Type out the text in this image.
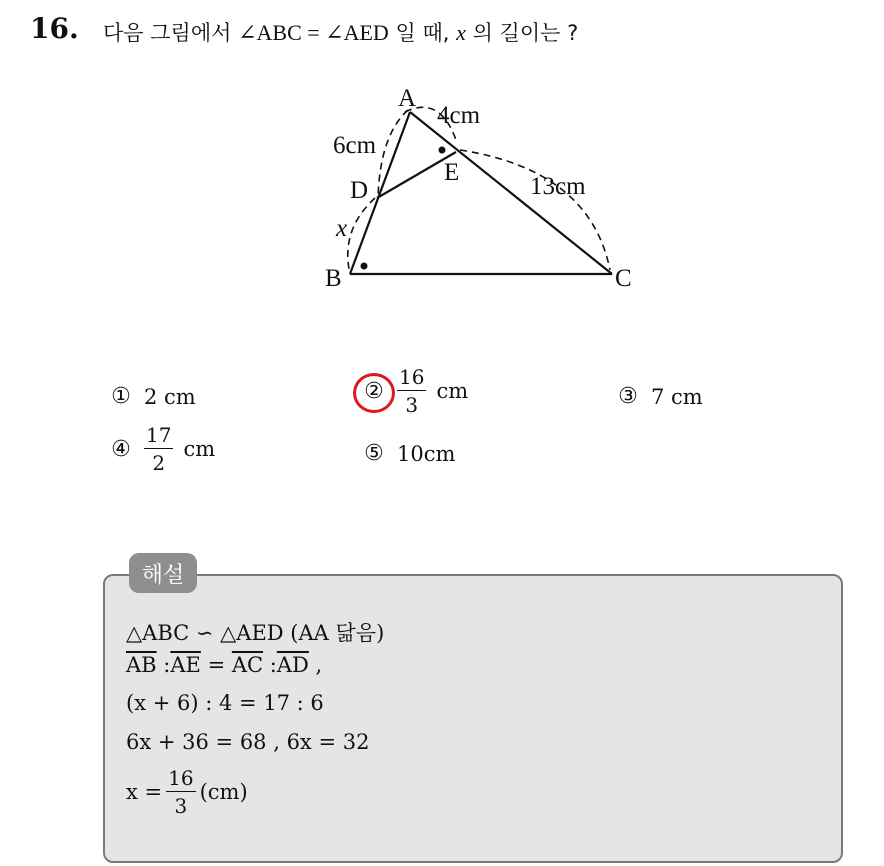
16. 다음 그림에서 ∠ABC = ∠AED 일 때, x 의 길이는 ?
A
B	C
D
E
6cm
4cm
13cm
x
① 2 cm	② $\frac{16}{3}$ cm	③ 7 cm
④ $\frac{17}{2}$ cm	⑤ 10cm
해설
△ABC ∽ △AED (AA 닮음)
$\overline{AB}$ $:\overline{AE} = \overline{AC}$ $:\overline{AD}$ ,
(x + 6) : 4 = 17 : 6
6x + 36 = 68 , 6x = 32
$x = \frac{16}{3} (cm)$
